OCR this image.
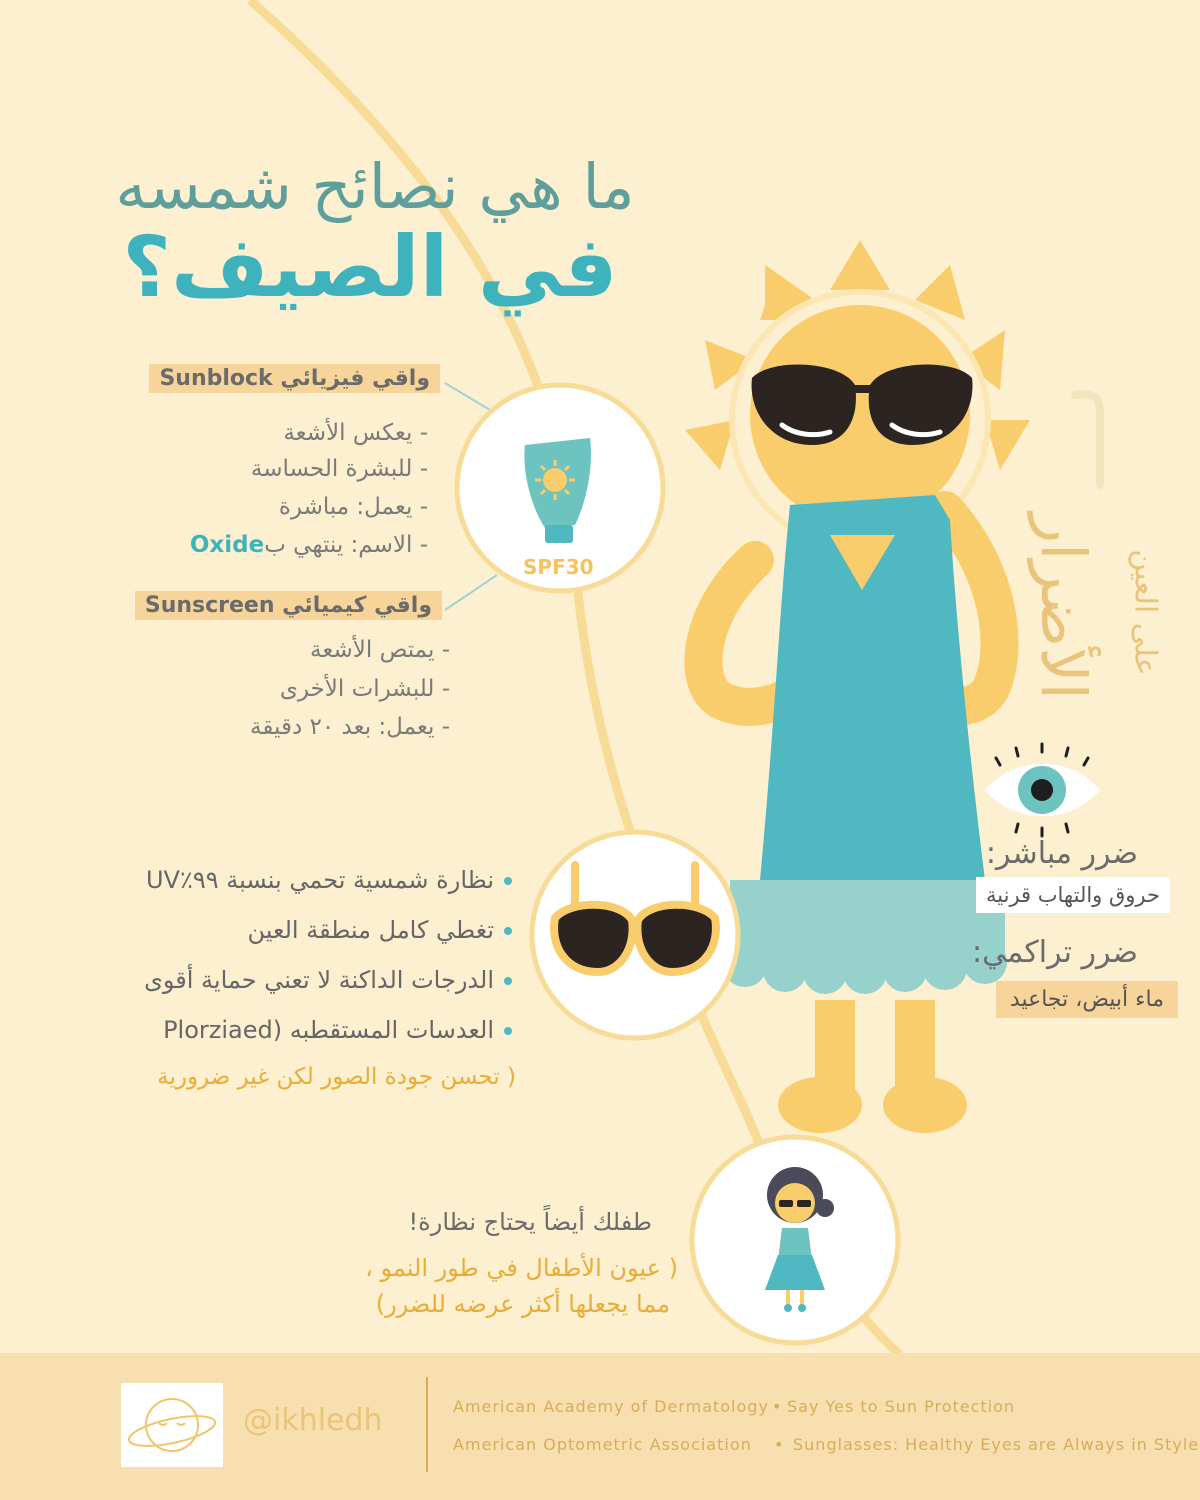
ما هي نصائح شمسه
في الصيف؟
واقي فيزيائي Sunblock
- يعكس الأشعة
- للبشرة الحساسة
- يعمل: مباشرة
- الاسم: ينتهي بOxide
SPF30
واقي كيميائي Sunscreen
- يمتص الأشعة
- للبشرات الأخرى
- يعمل: بعد ٢٠ دقيقة
نظارة شمسية تحمي بنسبة ٩٩٪UV
تغطي كامل منطقة العين
الدرجات الداكنة لا تعني حماية أقوى
العدسات المستقطبه (Plorziaed
( تحسن جودة الصور لكن غير ضرورية
الأضرار على العين
ضرر مباشر:
حروق والتهاب قرنية
ضرر تراكمي:
ماء أبيض، تجاعيد
طفلك أيضاً يحتاج نظارة!
( عيون الأطفال في طور النمو ،
مما يجعلها أكثر عرضه للضرر)
@ikhledh	American Academy of Dermatology • Say Yes to Sun Protection
American Optometric Association • Sunglasses: Healthy Eyes are Always in Style
